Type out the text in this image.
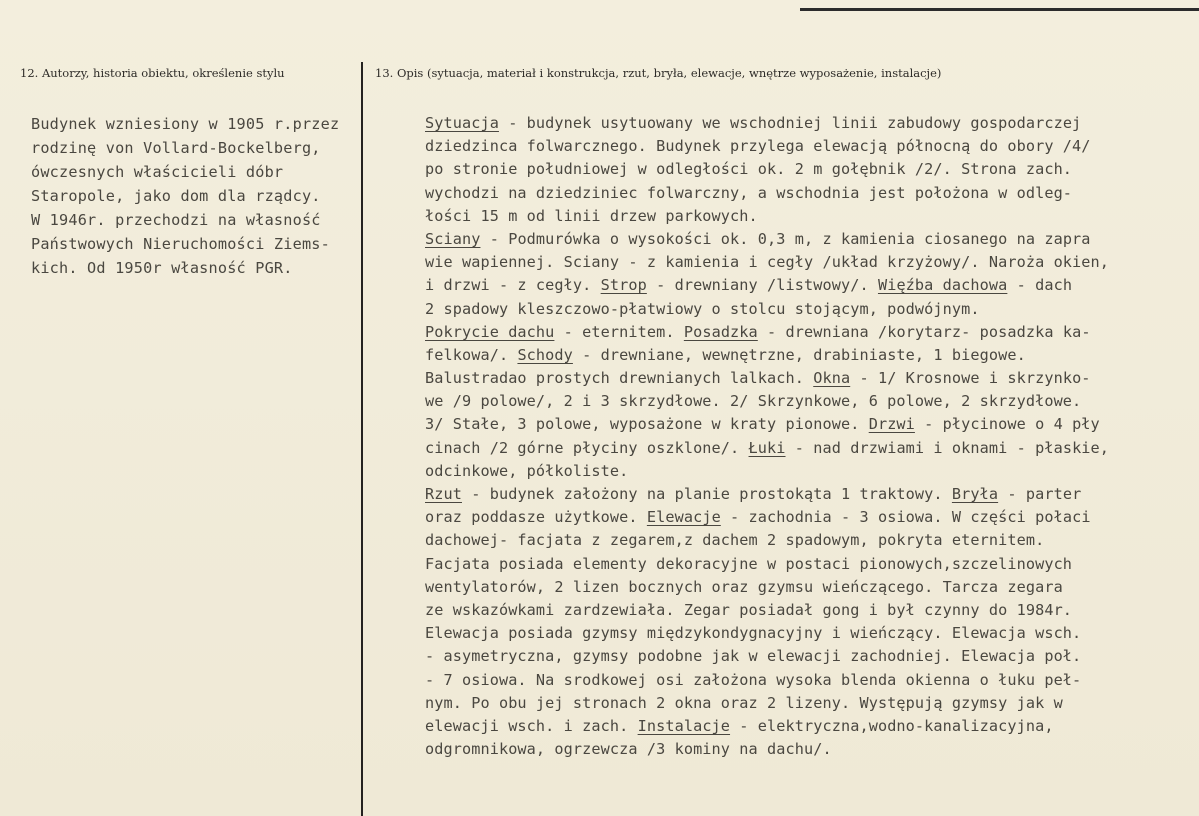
12. Autorzy, historia obiektu, określenie stylu	13. Opis (sytuacja, materiał i konstrukcja, rzut, bryła, elewacje, wnętrze wyposażenie, instalacje)
Budynek wzniesiony w 1905 r.przez
rodzinę von Vollard-Bockelberg,
ówczesnych właścicieli dóbr
Staropole, jako dom dla rządcy.
W 1946r. przechodzi na własność
Państwowych Nieruchomości Ziems-
kich. Od 1950r własność PGR.
Sytuacja - budynek usytuowany we wschodniej linii zabudowy gospodarczej
dziedzinca folwarcznego. Budynek przylega elewacją północną do obory /4/
po stronie południowej w odległości ok. 2 m gołębnik /2/. Strona zach.
wychodzi na dziedziniec folwarczny, a wschodnia jest położona w odleg-
łości 15 m od linii drzew parkowych.
Sciany - Podmurówka o wysokości ok. 0,3 m, z kamienia ciosanego na zapra
wie wapiennej. Sciany - z kamienia i cegły /układ krzyżowy/. Naroża okien,
i drzwi - z cegły. Strop - drewniany /listwowy/. Więźba dachowa - dach
2 spadowy kleszczowo-płatwiowy o stolcu stojącym, podwójnym.
Pokrycie dachu - eternitem. Posadzka - drewniana /korytarz- posadzka ka-
felkowa/. Schody - drewniane, wewnętrzne, drabiniaste, 1 biegowe.
Balustradao prostych drewnianych lalkach. Okna - 1/ Krosnowe i skrzynko-
we /9 polowe/, 2 i 3 skrzydłowe. 2/ Skrzynkowe, 6 polowe, 2 skrzydłowe.
3/ Stałe, 3 polowe, wyposażone w kraty pionowe. Drzwi - płycinowe o 4 pły
cinach /2 górne płyciny oszklone/. Łuki - nad drzwiami i oknami - płaskie,
odcinkowe, półkoliste.
Rzut - budynek założony na planie prostokąta 1 traktowy. Bryła - parter
oraz poddasze użytkowe. Elewacje - zachodnia - 3 osiowa. W części połaci
dachowej- facjata z zegarem,z dachem 2 spadowym, pokryta eternitem.
Facjata posiada elementy dekoracyjne w postaci pionowych,szczelinowych
wentylatorów, 2 lizen bocznych oraz gzymsu wieńczącego. Tarcza zegara
ze wskazówkami zardzewiała. Zegar posiadał gong i był czynny do 1984r.
Elewacja posiada gzymsy międzykondygnacyjny i wieńczący. Elewacja wsch.
- asymetryczna, gzymsy podobne jak w elewacji zachodniej. Elewacja poł.
- 7 osiowa. Na srodkowej osi założona wysoka blenda okienna o łuku peł-
nym. Po obu jej stronach 2 okna oraz 2 lizeny. Występują gzymsy jak w
elewacji wsch. i zach. Instalacje - elektryczna,wodno-kanalizacyjna,
odgromnikowa, ogrzewcza /3 kominy na dachu/.
